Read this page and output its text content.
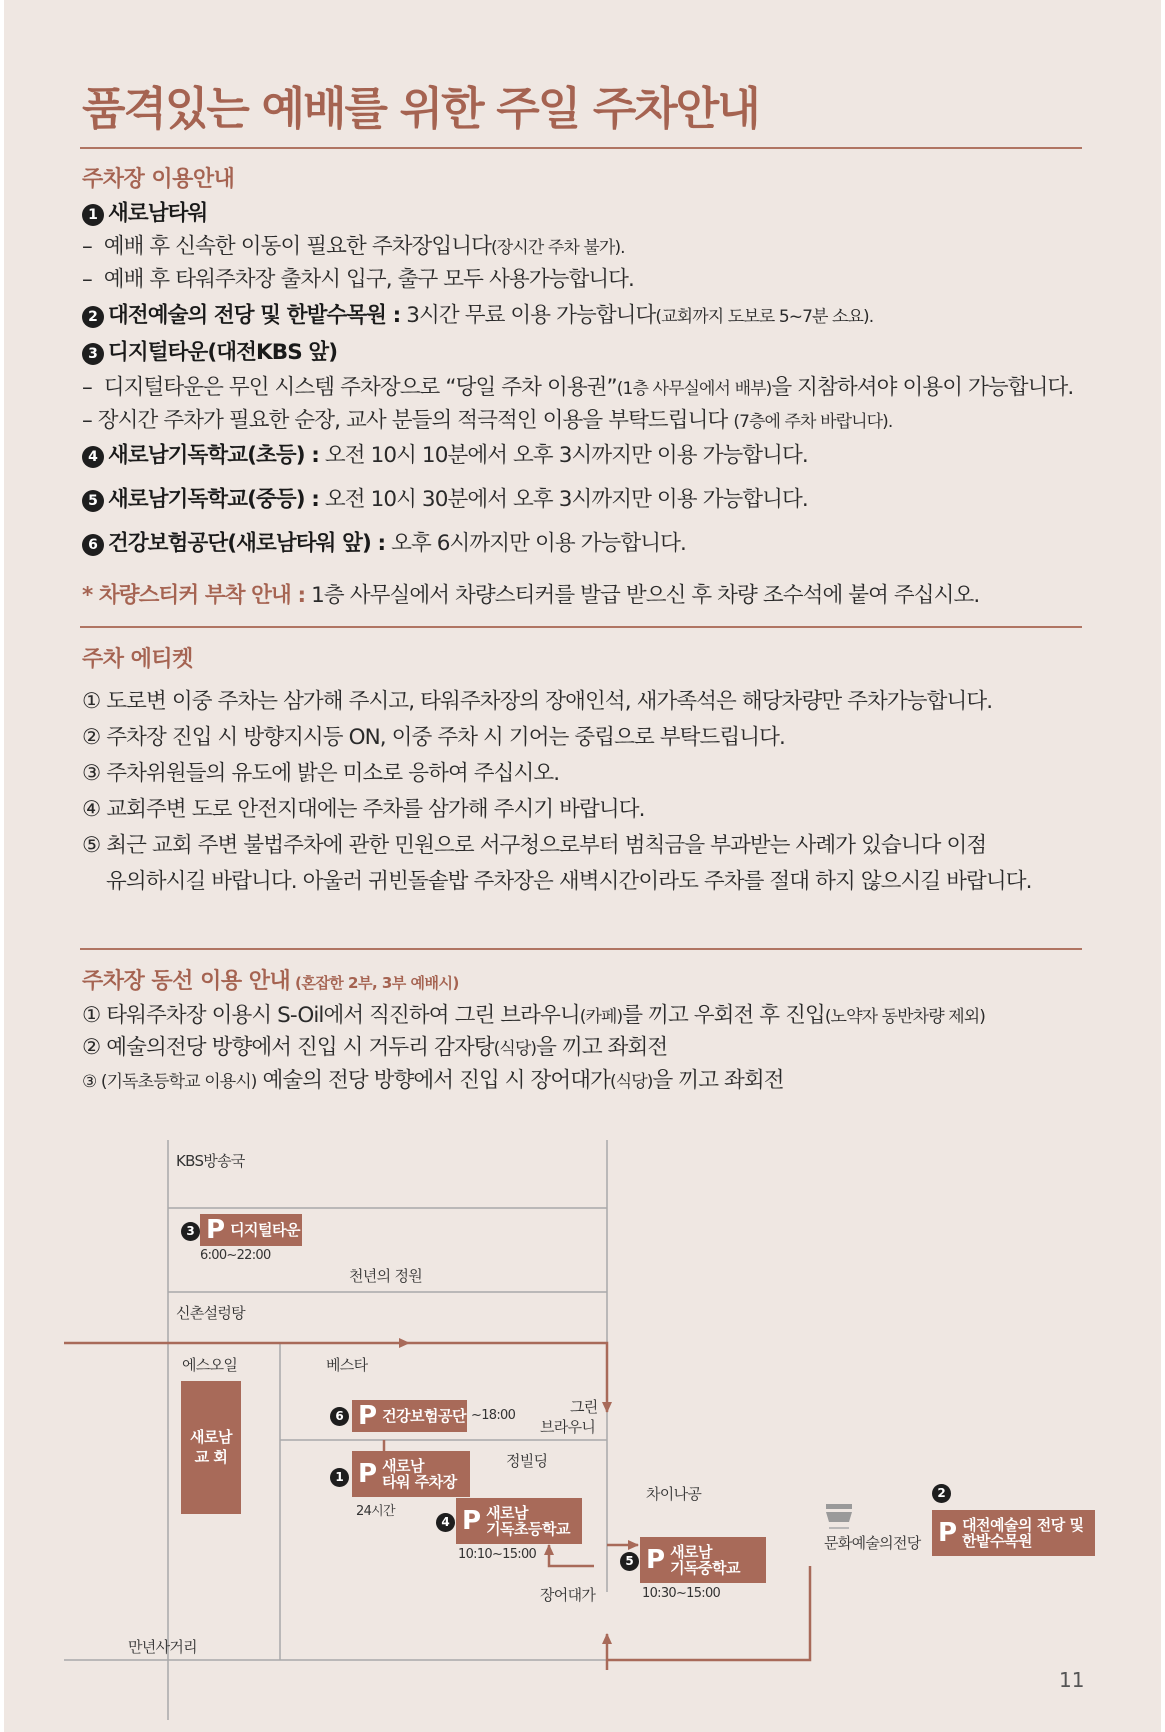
품격있는 예배를 위한 주일 주차안내
주차장 이용안내
1 새로남타워
–  예배 후 신속한 이동이 필요한 주차장입니다(장시간 주차 불가).
–  예배 후 타워주차장 출차시 입구, 출구 모두 사용가능합니다.
2 대전예술의 전당 및 한밭수목원 : 3시간 무료 이용 가능합니다(교회까지 도보로 5~7분 소요).
3 디지털타운(대전KBS 앞)
–  디지털타운은 무인 시스템 주차장으로 “당일 주차 이용권”(1층 사무실에서 배부)을 지참하셔야 이용이 가능합니다.
– 장시간 주차가 필요한 순장, 교사 분들의 적극적인 이용을 부탁드립니다 (7층에 주차 바랍니다).
4 새로남기독학교(초등) : 오전 10시 10분에서 오후 3시까지만 이용 가능합니다.
5 새로남기독학교(중등) : 오전 10시 30분에서 오후 3시까지만 이용 가능합니다.
6 건강보험공단(새로남타워 앞) : 오후 6시까지만 이용 가능합니다.
* 차량스티커 부착 안내 : 1층 사무실에서 차량스티커를 발급 받으신 후 차량 조수석에 붙여 주십시오.
주차 에티켓
① 도로변 이중 주차는 삼가해 주시고, 타워주차장의 장애인석, 새가족석은 해당차량만 주차가능합니다.
② 주차장 진입 시 방향지시등 ON, 이중 주차 시 기어는 중립으로 부탁드립니다.
③ 주차위원들의 유도에 밝은 미소로 응하여 주십시오.
④ 교회주변 도로 안전지대에는 주차를 삼가해 주시기 바랍니다.
⑤ 최근 교회 주변 불법주차에 관한 민원으로 서구청으로부터 범칙금을 부과받는 사례가 있습니다 이점
유의하시길 바랍니다. 아울러 귀빈돌솥밥 주차장은 새벽시간이라도 주차를 절대 하지 않으시길 바랍니다.
주차장 동선 이용 안내 (혼잡한 2부, 3부 예배시)
① 타워주차장 이용시 S-Oil에서 직진하여 그린 브라우니(카페)를 끼고 우회전 후 진입(노약자 동반차량 제외)
② 예술의전당 방향에서 진입 시 거두리 감자탕(식당)을 끼고 좌회전
③ (기독초등학교 이용시) 예술의 전당 방향에서 진입 시 장어대가(식당)을 끼고 좌회전
KBS방송국
천년의 정원
신촌설렁탕
에스오일	베스타
그린
브라우니
정빌딩
차이나공
문화예술의전당
장어대가
만년사거리
새로남
교 회
3 P 디지털타운
6:00~22:00
6 P 건강보험공단 ~18:00
1 P 새로남
타워 주차장
24시간
4 P 새로남
기독초등학교
10:10~15:00	5 P 새로남
기독중학교
10:30~15:00
2
P 대전예술의 전당 및
한밭수목원
11
